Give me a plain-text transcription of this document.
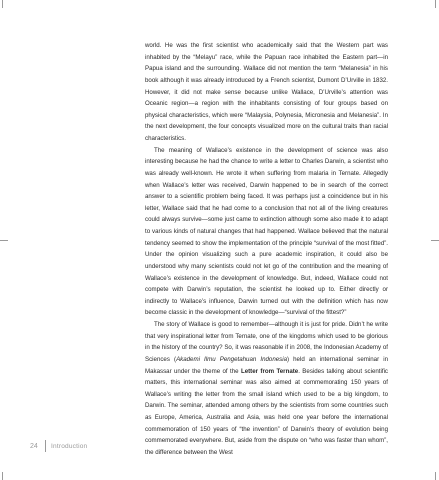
world. He was the first scientist who academically said that the Western part was inhabited by the “Melayu” race, while the Papuan race inhabited the Eastern part—in Papua island and the surrounding. Wallace did not mention the term “Melanesia” in his book although it was already introduced by a French scientist, Dumont D’Urville in 1832. However, it did not make sense because unlike Wallace, D’Urville’s attention was Oceanic region—a region with the inhabitants consisting of four groups based on physical characteristics, which were “Malaysia, Polynesia, Micronesia and Melanesia”. In the next development, the four concepts visualized more on the cultural traits than racial characteristics.

The meaning of Wallace’s existence in the development of science was also interesting because he had the chance to write a letter to Charles Darwin, a scientist who was already well-known. He wrote it when suffering from malaria in Ternate. Allegedly when Wallace’s letter was received, Darwin happened to be in search of the correct answer to a scientific problem being faced. It was perhaps just a coincidence but in his letter, Wallace said that he had come to a conclusion that not all of the living creatures could always survive—some just came to extinction although some also made it to adapt to various kinds of natural changes that had happened. Wallace believed that the natural tendency seemed to show the implementation of the principle “survival of the most fitted”. Under the opinion visualizing such a pure academic inspiration, it could also be understood why many scientists could not let go of the contribution and the meaning of Wallace’s existence in the development of knowledge. But, indeed, Wallace could not compete with Darwin’s reputation, the scientist he looked up to. Either directly or indirectly to Wallace’s influence, Darwin turned out with the definition which has now become classic in the development of knowledge—“survival of the fittest?”

The story of Wallace is good to remember—although it is just for pride. Didn’t he write that very inspirational letter from Ternate, one of the kingdoms which used to be glorious in the history of the country? So, it was reasonable if in 2008, the Indonesian Academy of Sciences (Akademi Ilmu Pengetahuan Indonesia) held an international seminar in Makassar under the theme of the Letter from Ternate. Besides talking about scientific matters, this international seminar was also aimed at commemorating 150 years of Wallace’s writing the letter from the small island which used to be a big kingdom, to Darwin. The seminar, attended among others by the scientists from some countries such as Europe, America, Australia and Asia, was held one year before the international commemoration of 150 years of “the invention” of Darwin’s theory of evolution being commemorated everywhere. But, aside from the dispute on “who was faster than whom”, the difference between the West

24	Introduction
